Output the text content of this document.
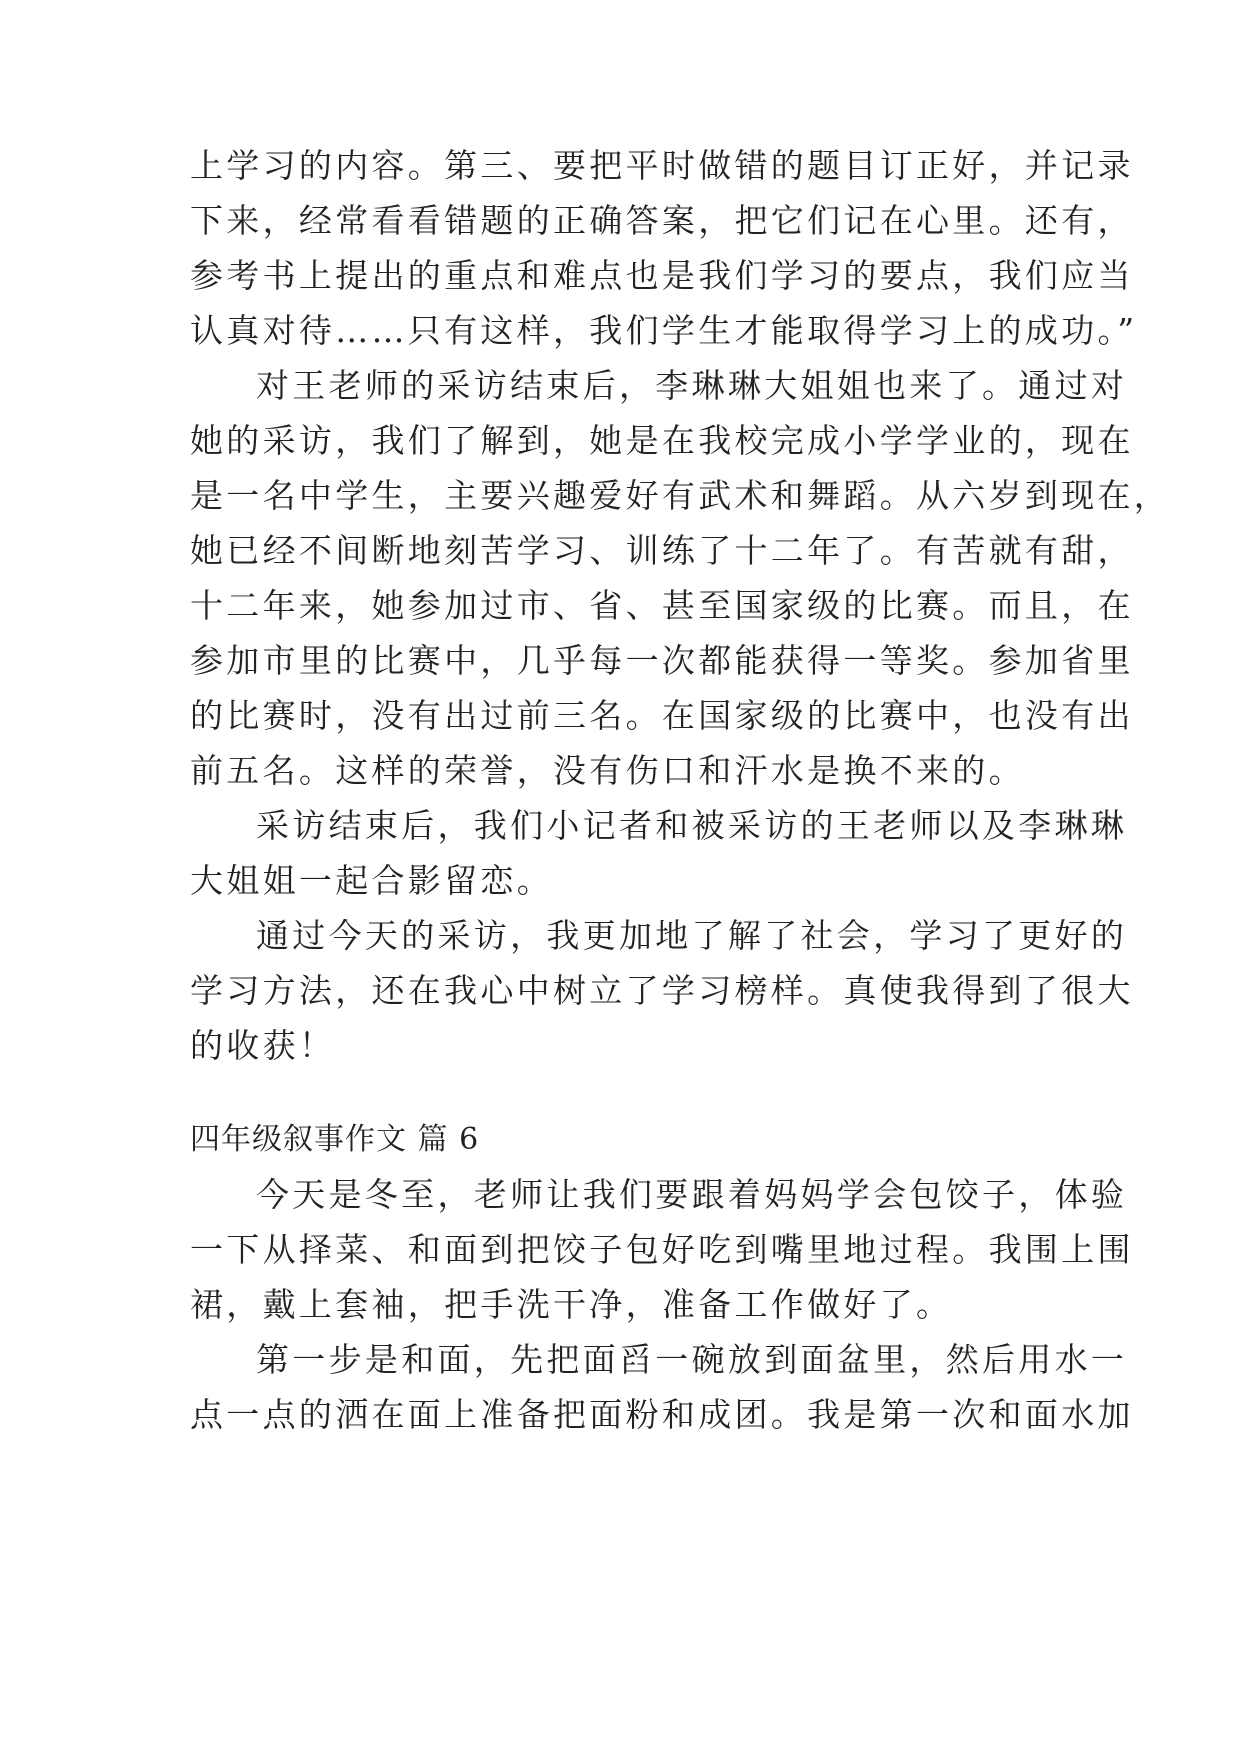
上学习的内容。第三、要把平时做错的题目订正好，并记录
下来，经常看看错题的正确答案，把它们记在心里。还有，
参考书上提出的重点和难点也是我们学习的要点，我们应当
认真对待……只有这样，我们学生才能取得学习上的成功。”
对王老师的采访结束后，李琳琳大姐姐也来了。通过对
她的采访，我们了解到，她是在我校完成小学学业的，现在
是一名中学生，主要兴趣爱好有武术和舞蹈。从六岁到现在，
她已经不间断地刻苦学习、训练了十二年了。有苦就有甜，
十二年来，她参加过市、省、甚至国家级的比赛。而且，在
参加市里的比赛中，几乎每一次都能获得一等奖。参加省里
的比赛时，没有出过前三名。在国家级的比赛中，也没有出
前五名。这样的荣誉，没有伤口和汗水是换不来的。
采访结束后，我们小记者和被采访的王老师以及李琳琳
大姐姐一起合影留恋。
通过今天的采访，我更加地了解了社会，学习了更好的
学习方法，还在我心中树立了学习榜样。真使我得到了很大
的收获！
四年级叙事作文 篇 6
今天是冬至，老师让我们要跟着妈妈学会包饺子，体验
一下从择菜、和面到把饺子包好吃到嘴里地过程。我围上围
裙，戴上套袖，把手洗干净，准备工作做好了。
第一步是和面，先把面舀一碗放到面盆里，然后用水一
点一点的洒在面上准备把面粉和成团。我是第一次和面水加
